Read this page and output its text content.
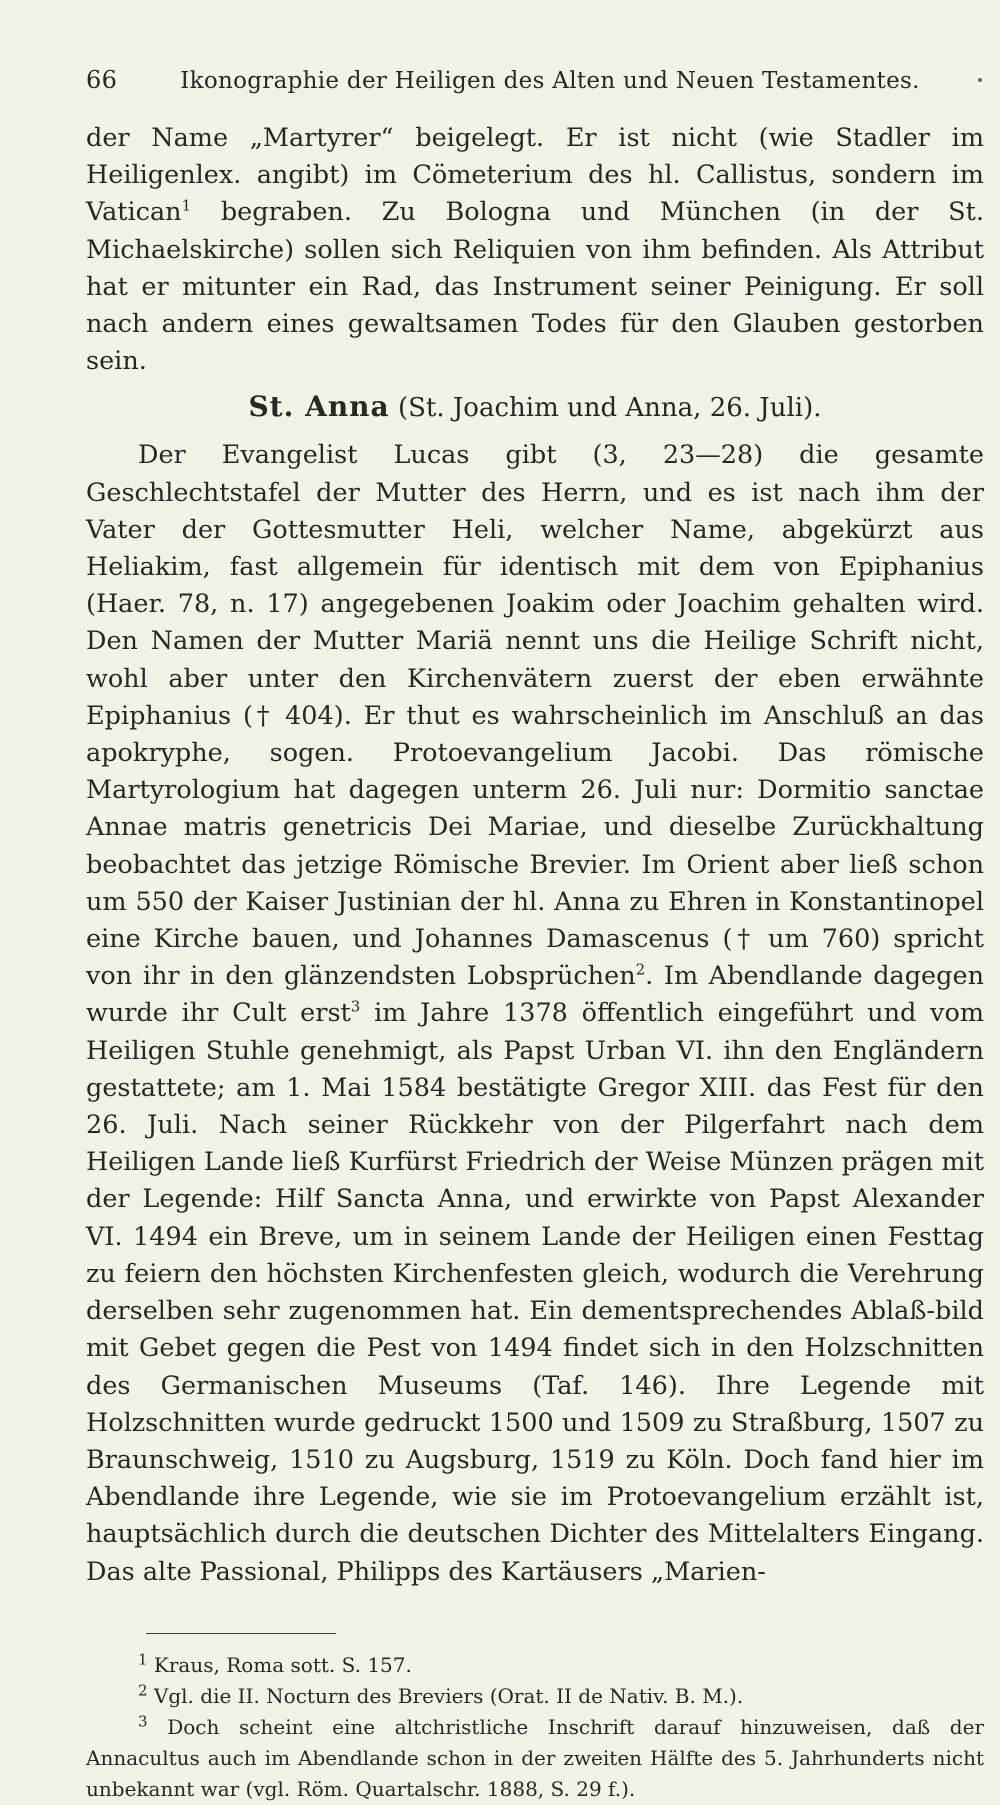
66	Ikonographie der Heiligen des Alten und Neuen Testamentes.

der Name „Martyrer“ beigelegt. Er ist nicht (wie Stadler im Heiligenlex. angibt) im Cömeterium des hl. Callistus, sondern im Vatican$^1$ begraben. Zu Bologna und München (in der St. Michaelskirche) sollen sich Reliquien von ihm befinden. Als Attribut hat er mitunter ein Rad, das Instrument seiner Peinigung. Er soll nach andern eines gewaltsamen Todes für den Glauben gestorben sein.

St. Anna (St. Joachim und Anna, 26. Juli).

Der Evangelist Lucas gibt (3, 23—28) die gesamte Geschlechtstafel der Mutter des Herrn, und es ist nach ihm der Vater der Gottesmutter Heli, welcher Name, abgekürzt aus Heliakim, fast allgemein für identisch mit dem von Epiphanius (Haer. 78, n. 17) angegebenen Joakim oder Joachim gehalten wird. Den Namen der Mutter Mariä nennt uns die Heilige Schrift nicht, wohl aber unter den Kirchenvätern zuerst der eben erwähnte Epiphanius († 404). Er thut es wahrscheinlich im Anschluß an das apokryphe, sogen. Protoevangelium Jacobi. Das römische Martyrologium hat dagegen unterm 26. Juli nur: Dormitio sanctae Annae matris genetricis Dei Mariae, und dieselbe Zurückhaltung beobachtet das jetzige Römische Brevier. Im Orient aber ließ schon um 550 der Kaiser Justinian der hl. Anna zu Ehren in Konstantinopel eine Kirche bauen, und Johannes Damascenus († um 760) spricht von ihr in den glänzendsten Lobsprüchen$^2$. Im Abendlande dagegen wurde ihr Cult erst$^3$ im Jahre 1378 öffentlich eingeführt und vom Heiligen Stuhle genehmigt, als Papst Urban VI. ihn den Engländern gestattete; am 1. Mai 1584 bestätigte Gregor XIII. das Fest für den 26. Juli. Nach seiner Rückkehr von der Pilgerfahrt nach dem Heiligen Lande ließ Kurfürst Friedrich der Weise Münzen prägen mit der Legende: Hilf Sancta Anna, und erwirkte von Papst Alexander VI. 1494 ein Breve, um in seinem Lande der Heiligen einen Festtag zu feiern den höchsten Kirchenfesten gleich, wodurch die Verehrung derselben sehr zugenommen hat. Ein dementsprechendes Ablaß-bild mit Gebet gegen die Pest von 1494 findet sich in den Holzschnitten des Germanischen Museums (Taf. 146). Ihre Legende mit Holzschnitten wurde gedruckt 1500 und 1509 zu Straßburg, 1507 zu Braunschweig, 1510 zu Augsburg, 1519 zu Köln. Doch fand hier im Abendlande ihre Legende, wie sie im Protoevangelium erzählt ist, hauptsächlich durch die deutschen Dichter des Mittelalters Eingang. Das alte Passional, Philipps des Kartäusers „Marien-

$^1$ Kraus, Roma sott. S. 157.

$^2$ Vgl. die II. Nocturn des Breviers (Orat. II de Nativ. B. M.).

$^3$ Doch scheint eine altchristliche Inschrift darauf hinzuweisen, daß der Annacultus auch im Abendlande schon in der zweiten Hälfte des 5. Jahrhunderts nicht unbekannt war (vgl. Röm. Quartalschr. 1888, S. 29 f.).
